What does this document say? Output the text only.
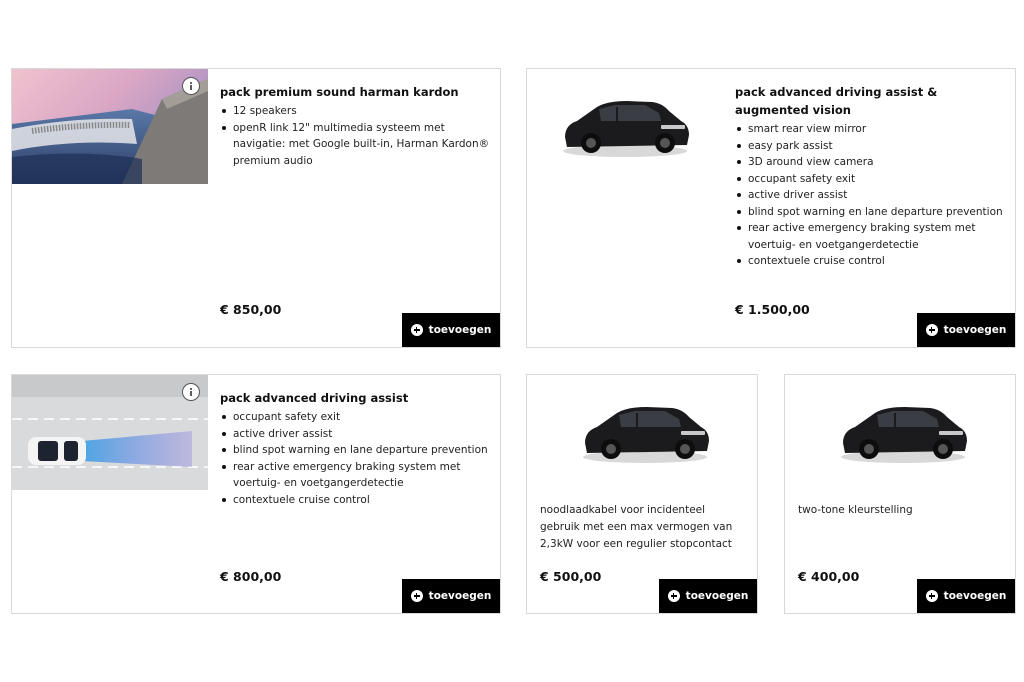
pack premium sound harman kardon
12 speakers
openR link 12" multimedia systeem met navigatie: met Google built-in, Harman Kardon® premium audio
€ 850,00
toevoegen
pack advanced driving assist & augmented vision
smart rear view mirror
easy park assist
3D around view camera
occupant safety exit
active driver assist
blind spot warning en lane departure prevention
rear active emergency braking system met voertuig- en voetgangerdetectie
contextuele cruise control
€ 1.500,00
toevoegen
pack advanced driving assist
occupant safety exit
active driver assist
blind spot warning en lane departure prevention
rear active emergency braking system met voertuig- en voetgangerdetectie
contextuele cruise control
€ 800,00
toevoegen
noodlaadkabel voor incidenteel gebruik met een max vermogen van 2,3kW voor een regulier stopcontact
€ 500,00
toevoegen
two-tone kleurstelling
€ 400,00
toevoegen
